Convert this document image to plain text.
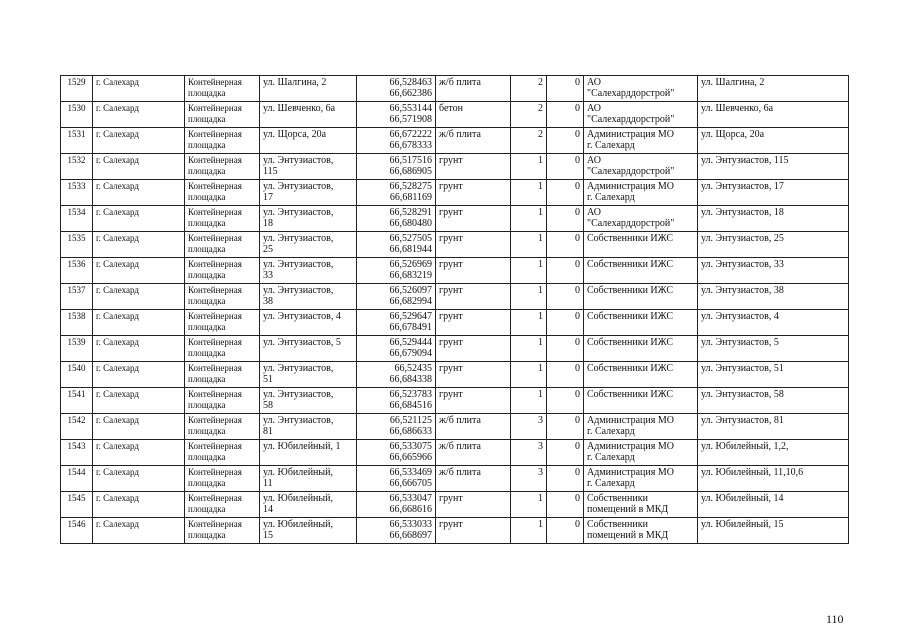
1529	г. Салехард	Контейнерная
площадка	ул. Шалгина, 2	66,528463
66,662386	ж/б плита	2	0	АО
"Салехарддорстрой"	ул. Шалгина, 2
1530	г. Салехард	Контейнерная
площадка	ул. Шевченко, 6а	66,553144
66,571908	бетон	2	0	АО
"Салехарддорстрой"	ул. Шевченко, 6а
1531	г. Салехард	Контейнерная
площадка	ул. Щорса, 20а	66,672222
66,678333	ж/б плита	2	0	Администрация МО
г. Салехард	ул. Щорса, 20а
1532	г. Салехард	Контейнерная
площадка	ул. Энтузиастов,
115	66,517516
66,686905	грунт	1	0	АО
"Салехарддорстрой"	ул. Энтузиастов, 115
1533	г. Салехард	Контейнерная
площадка	ул. Энтузиастов,
17	66,528275
66,681169	грунт	1	0	Администрация МО
г. Салехард	ул. Энтузиастов, 17
1534	г. Салехард	Контейнерная
площадка	ул. Энтузиастов,
18	66,528291
66,680480	грунт	1	0	АО
"Салехарддорстрой"	ул. Энтузиастов, 18
1535	г. Салехард	Контейнерная
площадка	ул. Энтузиастов,
25	66,527505
66,681944	грунт	1	0	Собственники ИЖС	ул. Энтузиастов, 25
1536	г. Салехард	Контейнерная
площадка	ул. Энтузиастов,
33	66,526969
66,683219	грунт	1	0	Собственники ИЖС	ул. Энтузиастов, 33
1537	г. Салехард	Контейнерная
площадка	ул. Энтузиастов,
38	66,526097
66,682994	грунт	1	0	Собственники ИЖС	ул. Энтузиастов, 38
1538	г. Салехард	Контейнерная
площадка	ул. Энтузиастов, 4	66,529647
66,678491	грунт	1	0	Собственники ИЖС	ул. Энтузиастов, 4
1539	г. Салехард	Контейнерная
площадка	ул. Энтузиастов, 5	66,529444
66,679094	грунт	1	0	Собственники ИЖС	ул. Энтузиастов, 5
1540	г. Салехард	Контейнерная
площадка	ул. Энтузиастов,
51	66,52435
66,684338	грунт	1	0	Собственники ИЖС	ул. Энтузиастов, 51
1541	г. Салехард	Контейнерная
площадка	ул. Энтузиастов,
58	66,523783
66,684516	грунт	1	0	Собственники ИЖС	ул. Энтузиастов, 58
1542	г. Салехард	Контейнерная
площадка	ул. Энтузиастов,
81	66,521125
66,686633	ж/б плита	3	0	Администрация МО
г. Салехард	ул. Энтузиастов, 81
1543	г. Салехард	Контейнерная
площадка	ул. Юбилейный, 1	66,533075
66,665966	ж/б плита	3	0	Администрация МО
г. Салехард	ул. Юбилейный, 1,2,
1544	г. Салехард	Контейнерная
площадка	ул. Юбилейный,
11	66,533469
66,666705	ж/б плита	3	0	Администрация МО
г. Салехард	ул. Юбилейный, 11,10,6
1545	г. Салехард	Контейнерная
площадка	ул. Юбилейный,
14	66,533047
66,668616	грунт	1	0	Собственники
помещений в МКД	ул. Юбилейный, 14
1546	г. Салехард	Контейнерная
площадка	ул. Юбилейный,
15	66,533033
66,668697	грунт	1	0	Собственники
помещений в МКД	ул. Юбилейный, 15
110
